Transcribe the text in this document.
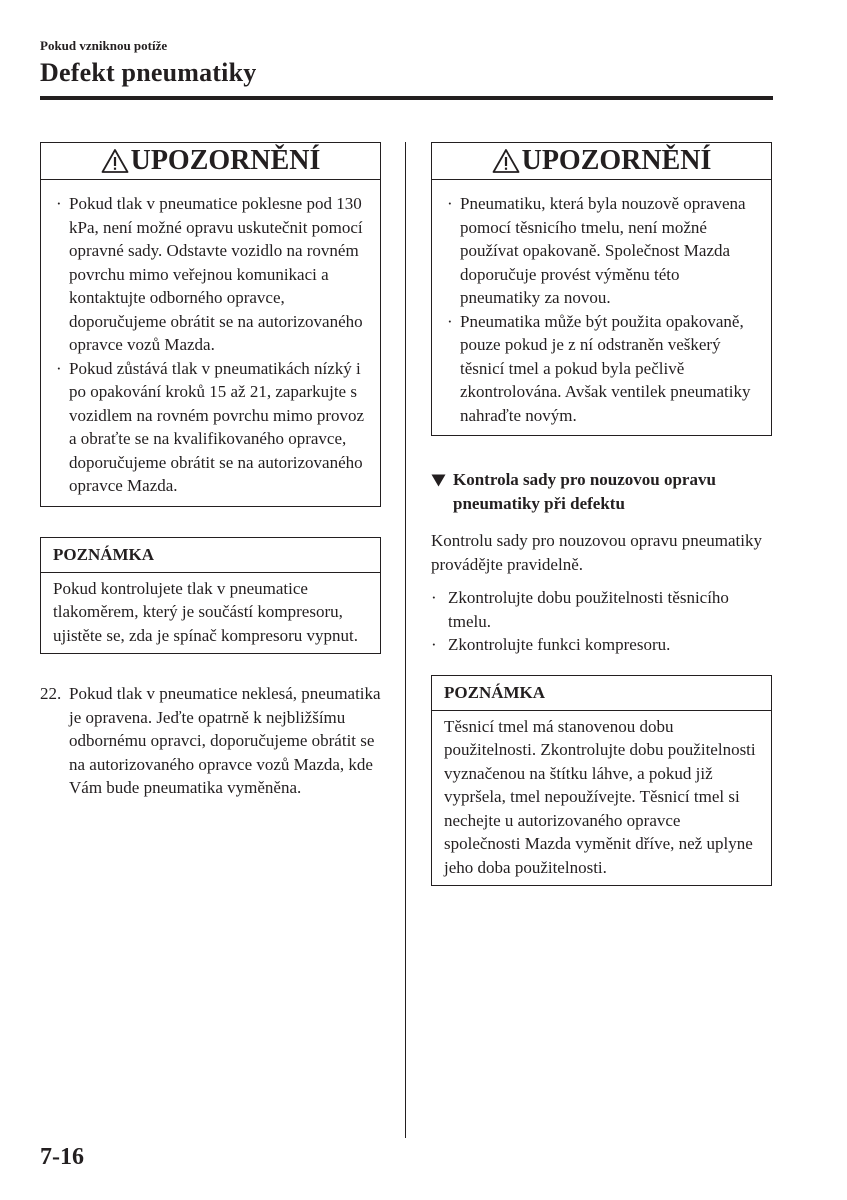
Pokud vzniknou potíže
Defekt pneumatiky
UPOZORNĚNÍ
· Pokud tlak v pneumatice poklesne pod 130 kPa, není možné opravu uskutečnit pomocí opravné sady. Odstavte vozidlo na rovném povrchu mimo veřejnou komunikaci a kontaktujte odborného opravce, doporučujeme obrátit se na autorizovaného opravce vozů Mazda.
· Pokud zůstává tlak v pneumatikách nízký i po opakování kroků 15 až 21, zaparkujte s vozidlem na rovném povrchu mimo provoz a obraťte se na kvalifikovaného opravce, doporučujeme obrátit se na autorizovaného opravce Mazda.
POZNÁMKA
Pokud kontrolujete tlak v pneumatice tlakoměrem, který je součástí kompresoru, ujistěte se, zda je spínač kompresoru vypnut.
22. Pokud tlak v pneumatice neklesá, pneumatika je opravena. Jeďte opatrně k nejbližšímu odbornému opravci, doporučujeme obrátit se na autorizovaného opravce vozů Mazda, kde Vám bude pneumatika vyměněna.
UPOZORNĚNÍ
· Pneumatiku, která byla nouzově opravena pomocí těsnicího tmelu, není možné používat opakovaně. Společnost Mazda doporučuje provést výměnu této pneumatiky za novou.
· Pneumatika může být použita opakovaně, pouze pokud je z ní odstraněn veškerý těsnicí tmel a pokud byla pečlivě zkontrolována. Avšak ventilek pneumatiky nahraďte novým.
Kontrola sady pro nouzovou opravu pneumatiky při defektu
Kontrolu sady pro nouzovou opravu pneumatiky provádějte pravidelně.
· Zkontrolujte dobu použitelnosti těsnicího tmelu.
· Zkontrolujte funkci kompresoru.
POZNÁMKA
Těsnicí tmel má stanovenou dobu použitelnosti. Zkontrolujte dobu použitelnosti vyznačenou na štítku láhve, a pokud již vypršela, tmel nepoužívejte. Těsnicí tmel si nechejte u autorizovaného opravce společnosti Mazda vyměnit dříve, než uplyne jeho doba použitelnosti.
7-16
